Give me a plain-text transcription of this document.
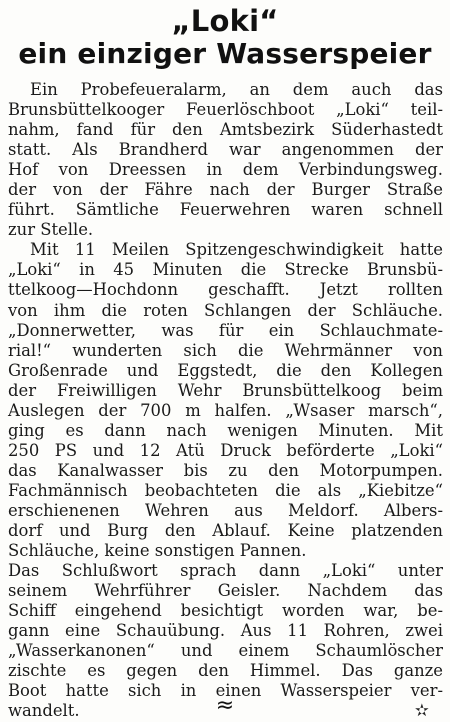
„Loki“
ein einziger Wasserspeier
Ein Probefeueralarm, an dem auch das
Brunsbüttelkooger Feuerlöschboot „Loki“ teil-
nahm, fand für den Amtsbezirk Süderhastedt
statt. Als Brandherd war angenommen der
Hof von Dreessen in dem Verbindungsweg.
der von der Fähre nach der Burger Straße
führt. Sämtliche Feuerwehren waren schnell
zur Stelle.
Mit 11 Meilen Spitzengeschwindigkeit hatte
„Loki“ in 45 Minuten die Strecke Brunsbü-
ttelkoog—Hochdonn geschafft. Jetzt rollten
von ihm die roten Schlangen der Schläuche.
„Donnerwetter, was für ein Schlauchmate-
rial!“ wunderten sich die Wehrmänner von
Großenrade und Eggstedt, die den Kollegen
der Freiwilligen Wehr Brunsbüttelkoog beim
Auslegen der 700 m halfen. „Wsaser marsch“,
ging es dann nach wenigen Minuten. Mit
250 PS und 12 Atü Druck beförderte „Loki“
das Kanalwasser bis zu den Motorpumpen.
Fachmännisch beobachteten die als „Kiebitze“
erschienenen Wehren aus Meldorf. Albers-
dorf und Burg den Ablauf. Keine platzenden
Schläuche, keine sonstigen Pannen.
Das Schlußwort sprach dann „Loki“ unter
seinem Wehrführer Geisler. Nachdem das
Schiff eingehend besichtigt worden war, be-
gann eine Schauübung. Aus 11 Rohren, zwei
„Wasserkanonen“ und einem Schaumlöscher
zischte es gegen den Himmel. Das ganze
Boot hatte sich in einen Wasserspeier ver-
wandelt.	✫
≈
